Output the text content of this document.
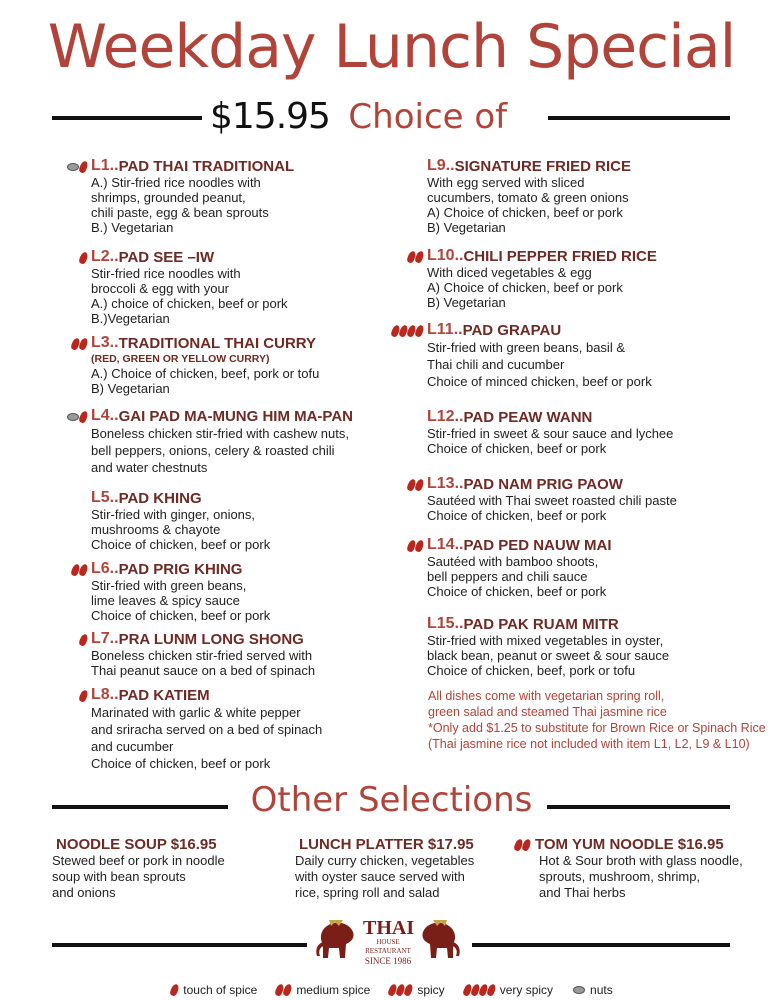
Weekday Lunch Special
$15.95 Choice of
L1.. PAD THAI TRADITIONAL
A.) Stir-fried rice noodles with
shrimps, grounded peanut,
chili paste, egg & bean sprouts
B.) Vegetarian
L2.. PAD SEE –IW
Stir-fried rice noodles with
broccoli & egg with your
A.) choice of chicken, beef or pork
B.)Vegetarian
L3.. TRADITIONAL THAI CURRY
(RED, GREEN OR YELLOW CURRY)
A.) Choice of chicken, beef, pork or tofu
B) Vegetarian
L4.. GAI PAD MA-MUNG HIM MA-PAN
Boneless chicken stir-fried with cashew nuts,
bell peppers, onions, celery & roasted chili
and water chestnuts
L5.. PAD KHING
Stir-fried with ginger, onions,
mushrooms & chayote
Choice of chicken, beef or pork
L6.. PAD PRIG KHING
Stir-fried with green beans,
lime leaves & spicy sauce
Choice of chicken, beef or pork
L7.. PRA LUNM LONG SHONG
Boneless chicken stir-fried served with
Thai peanut sauce on a bed of spinach
L8.. PAD KATIEM
Marinated with garlic & white pepper
and sriracha served on a bed of spinach
and cucumber
Choice of chicken, beef or pork
L9.. SIGNATURE FRIED RICE
With egg served with sliced
cucumbers, tomato & green onions
A) Choice of chicken, beef or pork
B) Vegetarian
L10.. CHILI PEPPER FRIED RICE
With diced vegetables & egg
A) Choice of chicken, beef or pork
B) Vegetarian
L11.. PAD GRAPAU
Stir-fried with green beans, basil &
Thai chili and cucumber
Choice of minced chicken, beef or pork
L12.. PAD PEAW WANN
Stir-fried in sweet & sour sauce and lychee
Choice of chicken, beef or pork
L13.. PAD NAM PRIG PAOW
Sautéed with Thai sweet roasted chili paste
Choice of chicken, beef or pork
L14.. PAD PED NAUW MAI
Sautéed with bamboo shoots,
bell peppers and chili sauce
Choice of chicken, beef or pork
L15.. PAD PAK RUAM MITR
Stir-fried with mixed vegetables in oyster,
black bean, peanut or sweet & sour sauce
Choice of chicken, beef, pork or tofu
All dishes come with vegetarian spring roll,
green salad and steamed Thai jasmine rice
*Only add $1.25 to substitute for Brown Rice or Spinach Rice
(Thai jasmine rice not included with item L1, L2, L9 & L10)
Other Selections
NOODLE SOUP $16.95
Stewed beef or pork in noodle
soup with bean sprouts
and onions
LUNCH PLATTER $17.95
Daily curry chicken, vegetables
with oyster sauce served with
rice, spring roll and salad
TOM YUM NOODLE $16.95
Hot & Sour broth with glass noodle,
sprouts, mushroom, shrimp,
and Thai herbs
THAI
HOUSE
RESTAURANT
SINCE 1986
touch of spice	medium spice	spicy	very spicy	nuts
